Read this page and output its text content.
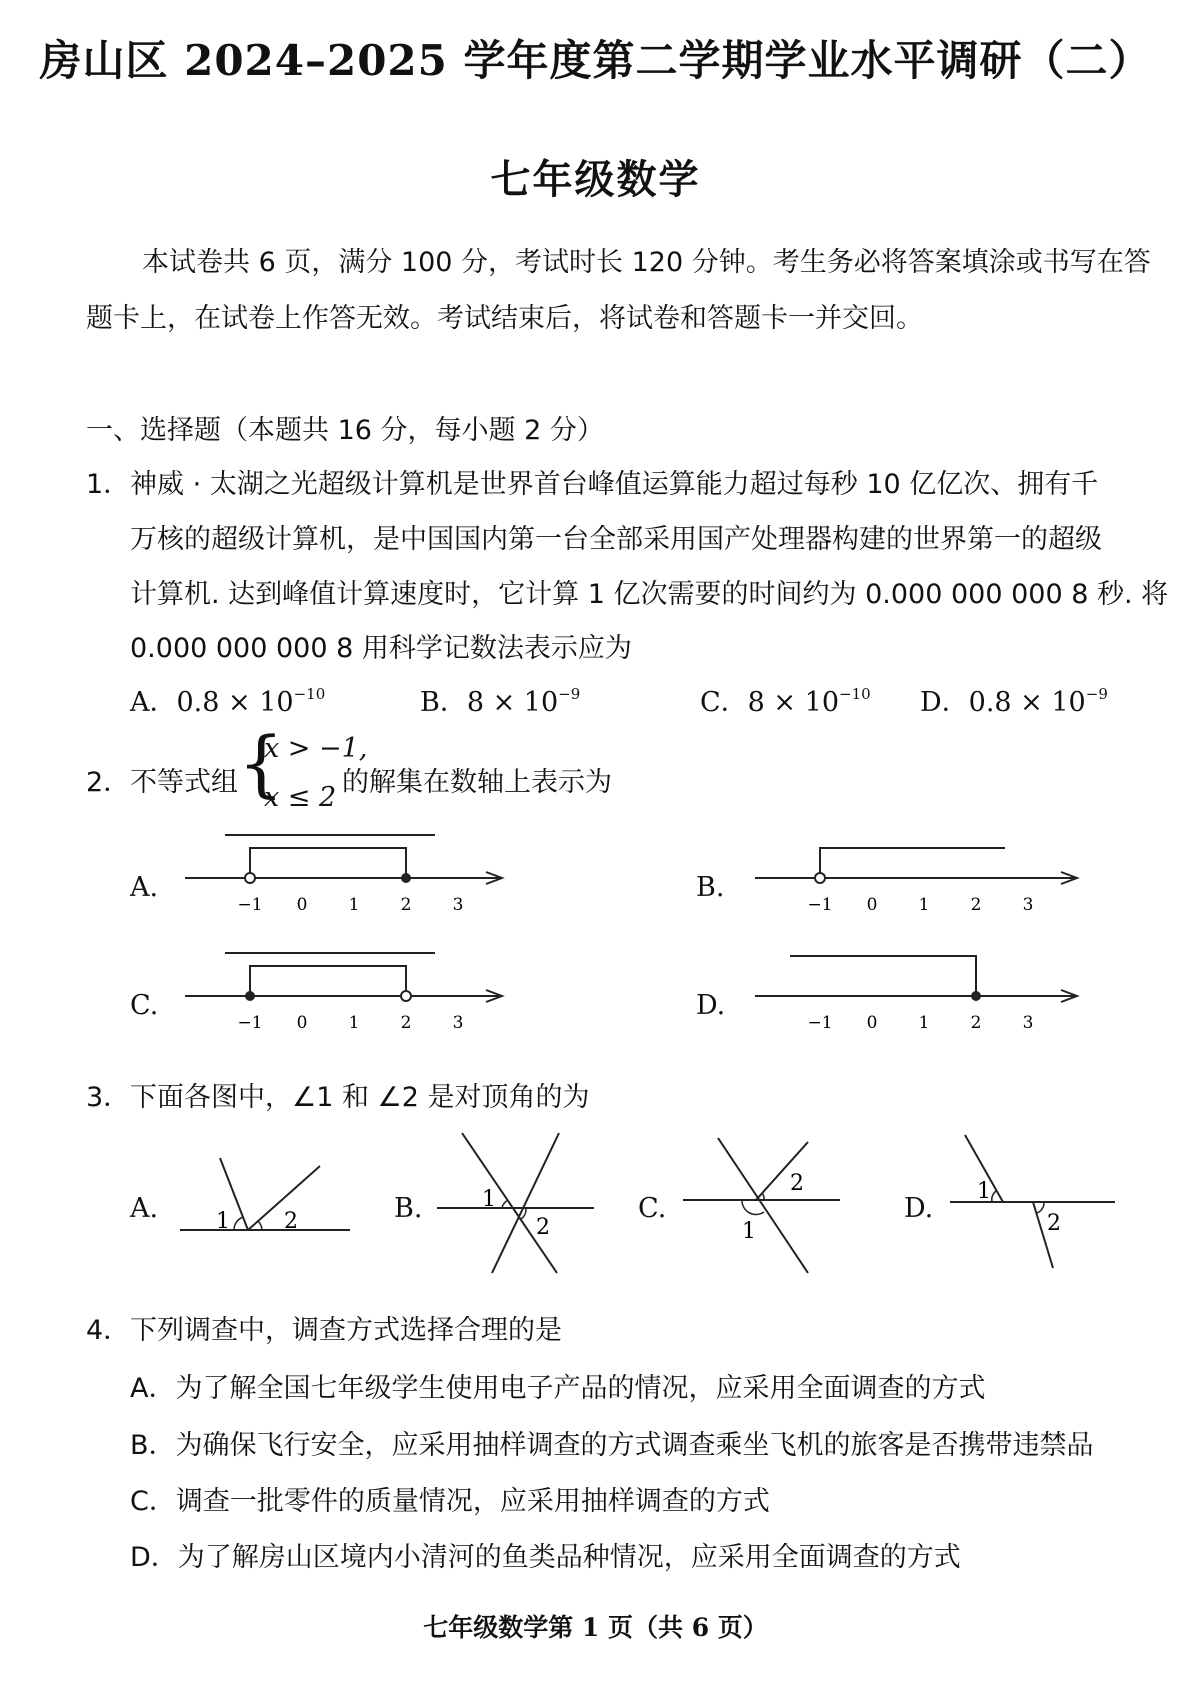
房山区 2024–2025 学年度第二学期学业水平调研（二）
七年级数学
本试卷共 6 页，满分 100 分，考试时长 120 分钟。考生务必将答案填涂或书写在答
题卡上，在试卷上作答无效。考试结束后，将试卷和答题卡一并交回。
一、选择题（本题共 16 分，每小题 2 分）
1． 神威 · 太湖之光超级计算机是世界首台峰值运算能力超过每秒 10 亿亿次、拥有千
万核的超级计算机，是中国国内第一台全部采用国产处理器构建的世界第一的超级
计算机. 达到峰值计算速度时，它计算 1 亿次需要的时间约为 0.000 000 000 8 秒. 将
0.000 000 000 8 用科学记数法表示应为
A．$0.8 \times 10^{-10}$	B．$8 \times 10^{-9}$	C．$8 \times 10^{-10}$ D．$0.8 \times 10^{-9}$
2． 不等式组 {
x > −1,
x ≤ 2 的解集在数轴上表示为
A.	B.
C.	D.
−1 0 1 2 3	−1 0 1 2 3
−1 0 1 2 3	−1 0 1 2 3
3． 下面各图中，∠1 和 ∠2 是对顶角的为
A.	B.	C.	D.
1 2
1
2
2
1
1
2
4． 下列调查中，调查方式选择合理的是
A．为了解全国七年级学生使用电子产品的情况，应采用全面调查的方式
B．为确保飞行安全，应采用抽样调查的方式调查乘坐飞机的旅客是否携带违禁品
C．调查一批零件的质量情况，应采用抽样调查的方式
D．为了解房山区境内小清河的鱼类品种情况，应采用全面调查的方式
七年级数学第 1 页（共 6 页）
